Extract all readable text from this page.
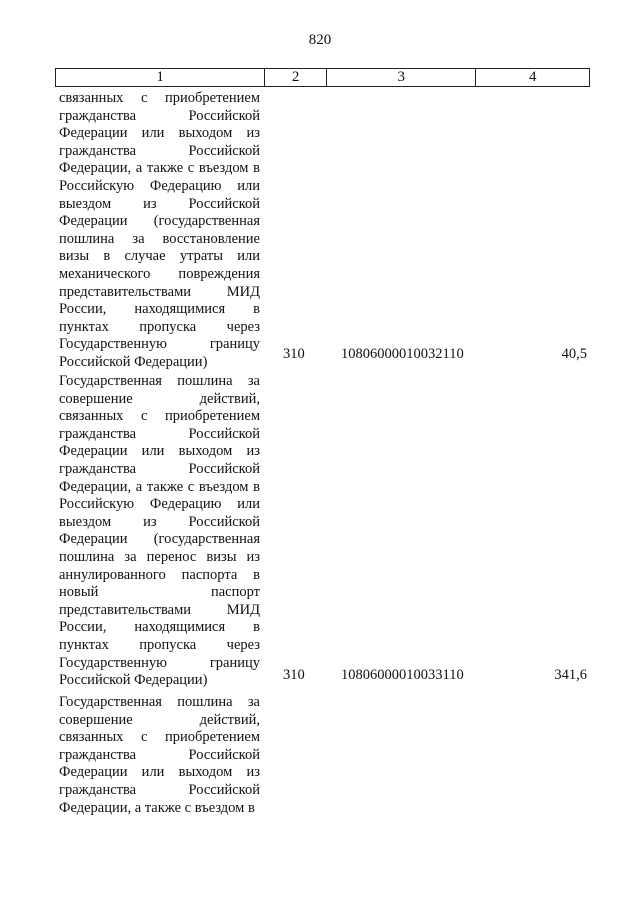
820
1	2	3	4
связанных с приобретением
гражданства Российской
Федерации или выходом из
гражданства Российской
Федерации, а также с въездом в
Российскую Федерацию или
выездом из Российской
Федерации (государственная
пошлина за восстановление
визы в случае утраты или
механического повреждения
представительствами МИД
России, находящимися в
пунктах пропуска через
Государственную границу
Российской Федерации)	310	10806000010032110	40,5
Государственная пошлина за
совершение действий,
связанных с приобретением
гражданства Российской
Федерации или выходом из
гражданства Российской
Федерации, а также с въездом в
Российскую Федерацию или
выездом из Российской
Федерации (государственная
пошлина за перенос визы из
аннулированного паспорта в
новый паспорт
представительствами МИД
России, находящимися в
пунктах пропуска через
Государственную границу
Российской Федерации)	310	10806000010033110	341,6
Государственная пошлина за
совершение действий,
связанных с приобретением
гражданства Российской
Федерации или выходом из
гражданства Российской
Федерации, а также с въездом в
